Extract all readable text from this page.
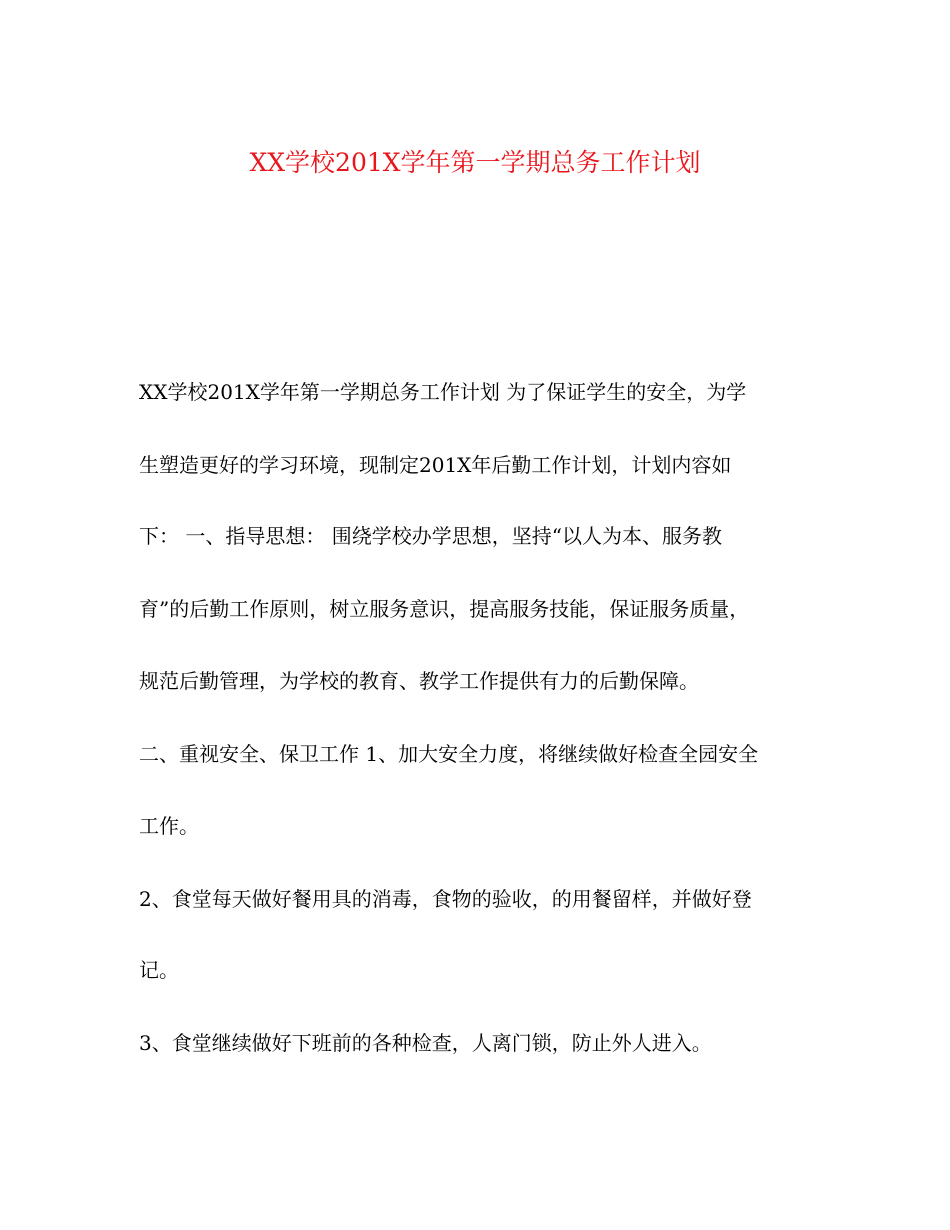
XX学校201X学年第一学期总务工作计划
XX学校201X学年第一学期总务工作计划 为了保证学生的安全，为学
生塑造更好的学习环境，现制定201X年后勤工作计划，计划内容如
下： 一、指导思想： 围绕学校办学思想，坚持“以人为本、服务教
育”的后勤工作原则，树立服务意识，提高服务技能，保证服务质量，
规范后勤管理，为学校的教育、教学工作提供有力的后勤保障。
二、重视安全、保卫工作 1、加大安全力度，将继续做好检查全园安全
工作。
2、食堂每天做好餐用具的消毒，食物的验收，的用餐留样，并做好登
记。
3、食堂继续做好下班前的各种检查，人离门锁，防止外人进入。
